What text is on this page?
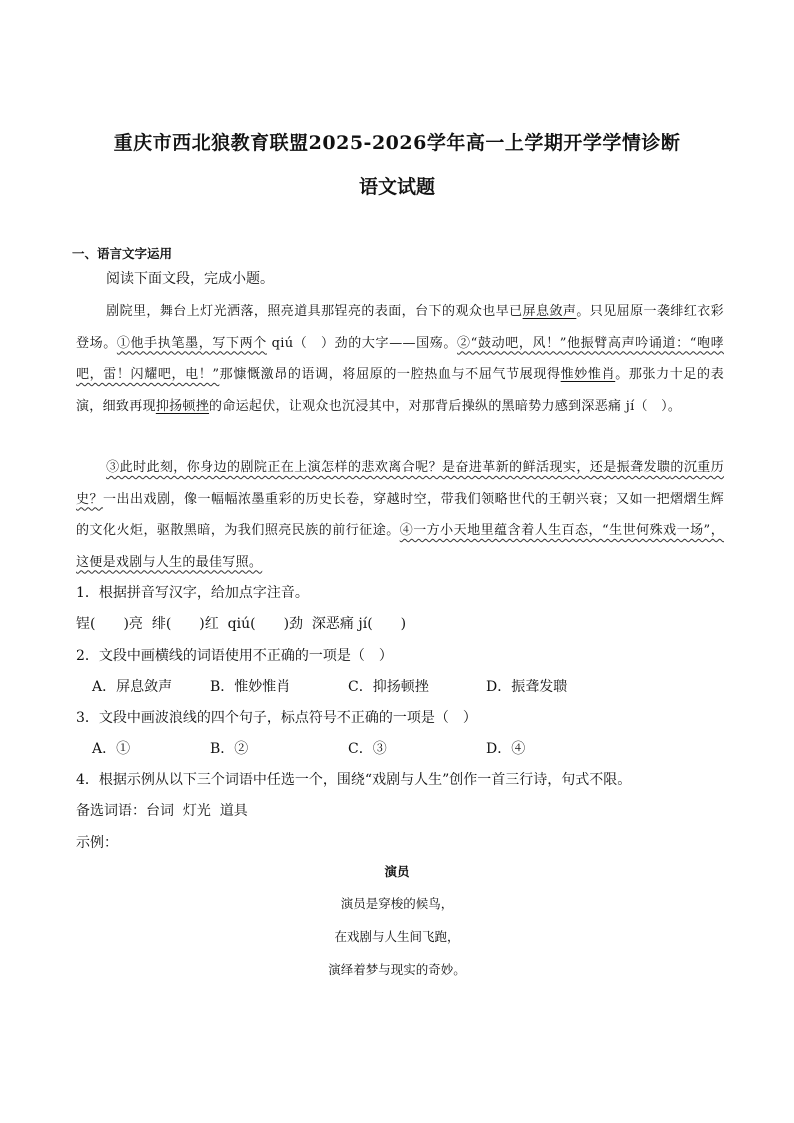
重庆市西北狼教育联盟2025-2026学年高一上学期开学学情诊断
语文试题
一、语言文字运用
阅读下面文段，完成小题。
剧院里，舞台上灯光洒落，照亮道具那锃亮的表面，台下的观众也早已屏息敛声。只见屈原一袭绯红衣彩登场。①他手执笔墨，写下两个 qiú（　）劲的大字——国殇。②“鼓动吧，风！”他振臂高声吟诵道：“咆哮吧，雷！闪耀吧，电！”那慷慨激昂的语调，将屈原的一腔热血与不屈气节展现得惟妙惟肖。那张力十足的表演，细致再现抑扬顿挫的命运起伏，让观众也沉浸其中，对那背后操纵的黑暗势力感到深恶痛 jí（　）。
③此时此刻，你身边的剧院正在上演怎样的悲欢离合呢？是奋进革新的鲜活现实，还是振聋发聩的沉重历史？一出出戏剧，像一幅幅浓墨重彩的历史长卷，穿越时空，带我们领略世代的王朝兴衰；又如一把熠熠生辉的文化火炬，驱散黑暗，为我们照亮民族的前行征途。④一方小天地里蕴含着人生百态，“生世何殊戏一场”，这便是戏剧与人生的最佳写照。
1．根据拼音写汉字，给加点字注音。
锃(　　)亮  绯(　　)红  qiú(　　)劲  深恶痛 jí(　　)
2．文段中画横线的词语使用不正确的一项是（　）
A．屏息敛声	B．惟妙惟肖	C．抑扬顿挫	D．振聋发聩
3．文段中画波浪线的四个句子，标点符号不正确的一项是（　）
A．①	B．②	C．③	D．④
4．根据示例从以下三个词语中任选一个，围绕“戏剧与人生”创作一首三行诗，句式不限。
备选词语：台词  灯光  道具
示例：
演员
演员是穿梭的候鸟，
在戏剧与人生间飞跑，
演绎着梦与现实的奇妙。
